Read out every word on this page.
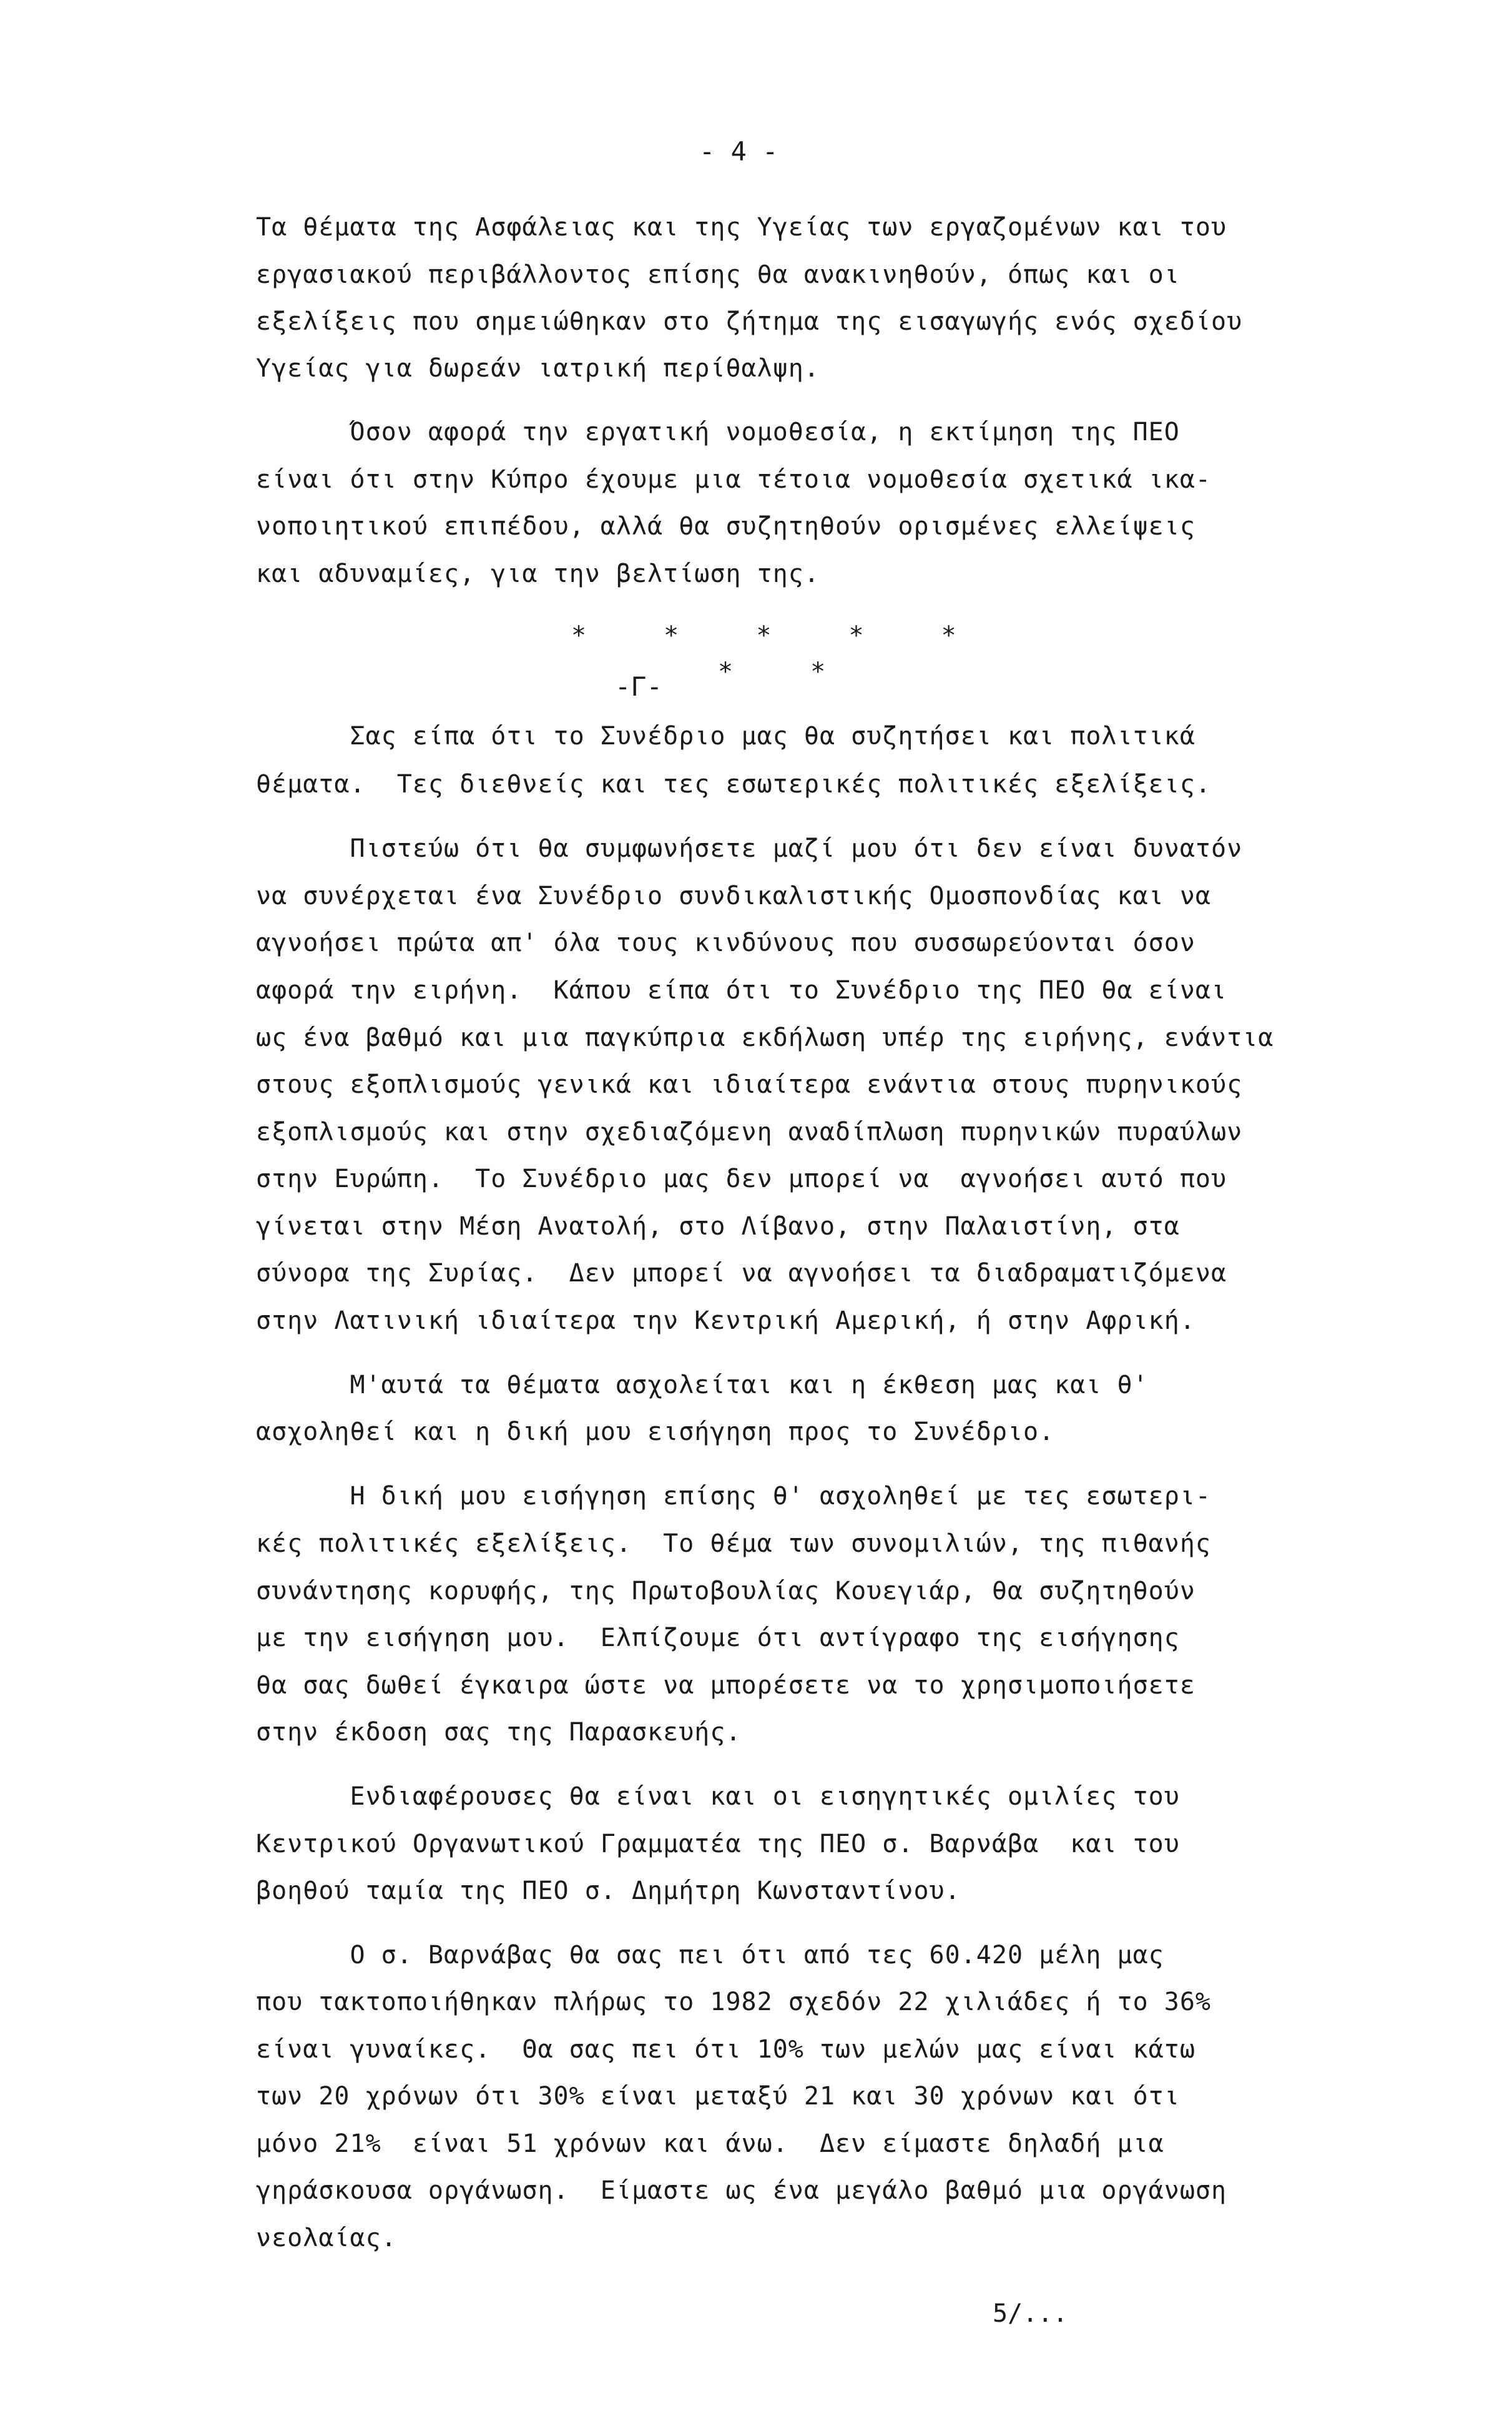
- 4 -
Τα θέματα της Ασφάλειας και της Υγείας των εργαζομένων και του
εργασιακού περιβάλλοντος επίσης θα ανακινηθούν, όπως και οι
εξελίξεις που σημειώθηκαν στο ζήτημα της εισαγωγής ενός σχεδίου
Υγείας για δωρεάν ιατρική περίθαλψη.
Όσον αφορά την εργατική νομοθεσία, η εκτίμηση της ΠΕΟ
είναι ότι στην Κύπρο έχουμε μια τέτοια νομοθεσία σχετικά ικα-
νοποιητικού επιπέδου, αλλά θα συζητηθούν ορισμένες ελλείψεις
και αδυναμίες, για την βελτίωση της.
* * * * *
* *
-Γ-
Σας είπα ότι το Συνέδριο μας θα συζητήσει και πολιτικά
θέματα.  Τες διεθνείς και τες εσωτερικές πολιτικές εξελίξεις.
Πιστεύω ότι θα συμφωνήσετε μαζί μου ότι δεν είναι δυνατόν
να συνέρχεται ένα Συνέδριο συνδικαλιστικής Ομοσπονδίας και να
αγνοήσει πρώτα απ' όλα τους κινδύνους που συσσωρεύονται όσον
αφορά την ειρήνη.  Κάπου είπα ότι το Συνέδριο της ΠΕΟ θα είναι
ως ένα βαθμό και μια παγκύπρια εκδήλωση υπέρ της ειρήνης, ενάντια
στους εξοπλισμούς γενικά και ιδιαίτερα ενάντια στους πυρηνικούς
εξοπλισμούς και στην σχεδιαζόμενη αναδίπλωση πυρηνικών πυραύλων
στην Ευρώπη.  Το Συνέδριο μας δεν μπορεί να  αγνοήσει αυτό που
γίνεται στην Μέση Ανατολή, στο Λίβανο, στην Παλαιστίνη, στα
σύνορα της Συρίας.  Δεν μπορεί να αγνοήσει τα διαδραματιζόμενα
στην Λατινική ιδιαίτερα την Κεντρική Αμερική, ή στην Αφρική.
Μ'αυτά τα θέματα ασχολείται και η έκθεση μας και θ'
ασχοληθεί και η δική μου εισήγηση προς το Συνέδριο.
Η δική μου εισήγηση επίσης θ' ασχοληθεί με τες εσωτερι-
κές πολιτικές εξελίξεις.  Το θέμα των συνομιλιών, της πιθανής
συνάντησης κορυφής, της Πρωτοβουλίας Κουεγιάρ, θα συζητηθούν
με την εισήγηση μου.  Ελπίζουμε ότι αντίγραφο της εισήγησης
θα σας δωθεί έγκαιρα ώστε να μπορέσετε να το χρησιμοποιήσετε
στην έκδοση σας της Παρασκευής.
Ενδιαφέρουσες θα είναι και οι εισηγητικές ομιλίες του
Κεντρικού Οργανωτικού Γραμματέα της ΠΕΟ σ. Βαρνάβα  και του
βοηθού ταμία της ΠΕΟ σ. Δημήτρη Κωνσταντίνου.
Ο σ. Βαρνάβας θα σας πει ότι από τες 60.420 μέλη μας
που τακτοποιήθηκαν πλήρως το 1982 σχεδόν 22 χιλιάδες ή το 36%
είναι γυναίκες.  Θα σας πει ότι 10% των μελών μας είναι κάτω
των 20 χρόνων ότι 30% είναι μεταξύ 21 και 30 χρόνων και ότι
μόνο 21%  είναι 51 χρόνων και άνω.  Δεν είμαστε δηλαδή μια
γηράσκουσα οργάνωση.  Είμαστε ως ένα μεγάλο βαθμό μια οργάνωση
νεολαίας.
5/...
